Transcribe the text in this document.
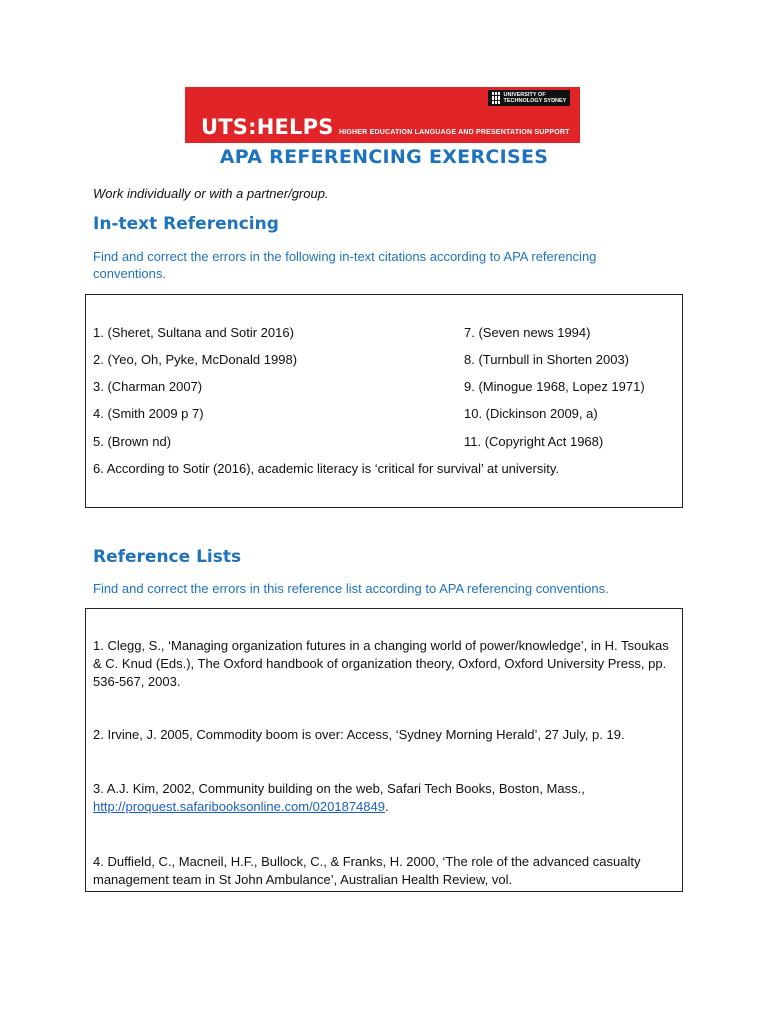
UTS:HELPS HIGHER EDUCATION LANGUAGE AND PRESENTATION SUPPORT
UNIVERSITY OF TECHNOLOGY SYDNEY
APA REFERENCING EXERCISES
Work individually or with a partner/group.
In-text Referencing
Find and correct the errors in the following in-text citations according to APA referencing conventions.
1. (Sheret, Sultana and Sotir 2016)
2. (Yeo, Oh, Pyke, McDonald 1998)
3. (Charman 2007)
4. (Smith 2009 p 7)
5. (Brown nd)
7. (Seven news 1994)
8. (Turnbull in Shorten 2003)
9. (Minogue 1968, Lopez 1971)
10. (Dickinson 2009, a)
11. (Copyright Act 1968)
6. According to Sotir (2016), academic literacy is ‘critical for survival’ at university.
Reference Lists
Find and correct the errors in this reference list according to APA referencing conventions.
1. Clegg, S., ‘Managing organization futures in a changing world of power/knowledge’, in H. Tsoukas & C. Knud (Eds.), The Oxford handbook of organization theory, Oxford, Oxford University Press, pp. 536-567, 2003.
2. Irvine, J. 2005, Commodity boom is over: Access, ‘Sydney Morning Herald’, 27 July, p. 19.
3. A.J. Kim, 2002, Community building on the web, Safari Tech Books, Boston, Mass.,
http://proquest.safaribooksonline.com/0201874849.
4. Duffield, C., Macneil, H.F., Bullock, C., & Franks, H. 2000, ‘The role of the advanced casualty management team in St John Ambulance’, Australian Health Review, vol.
